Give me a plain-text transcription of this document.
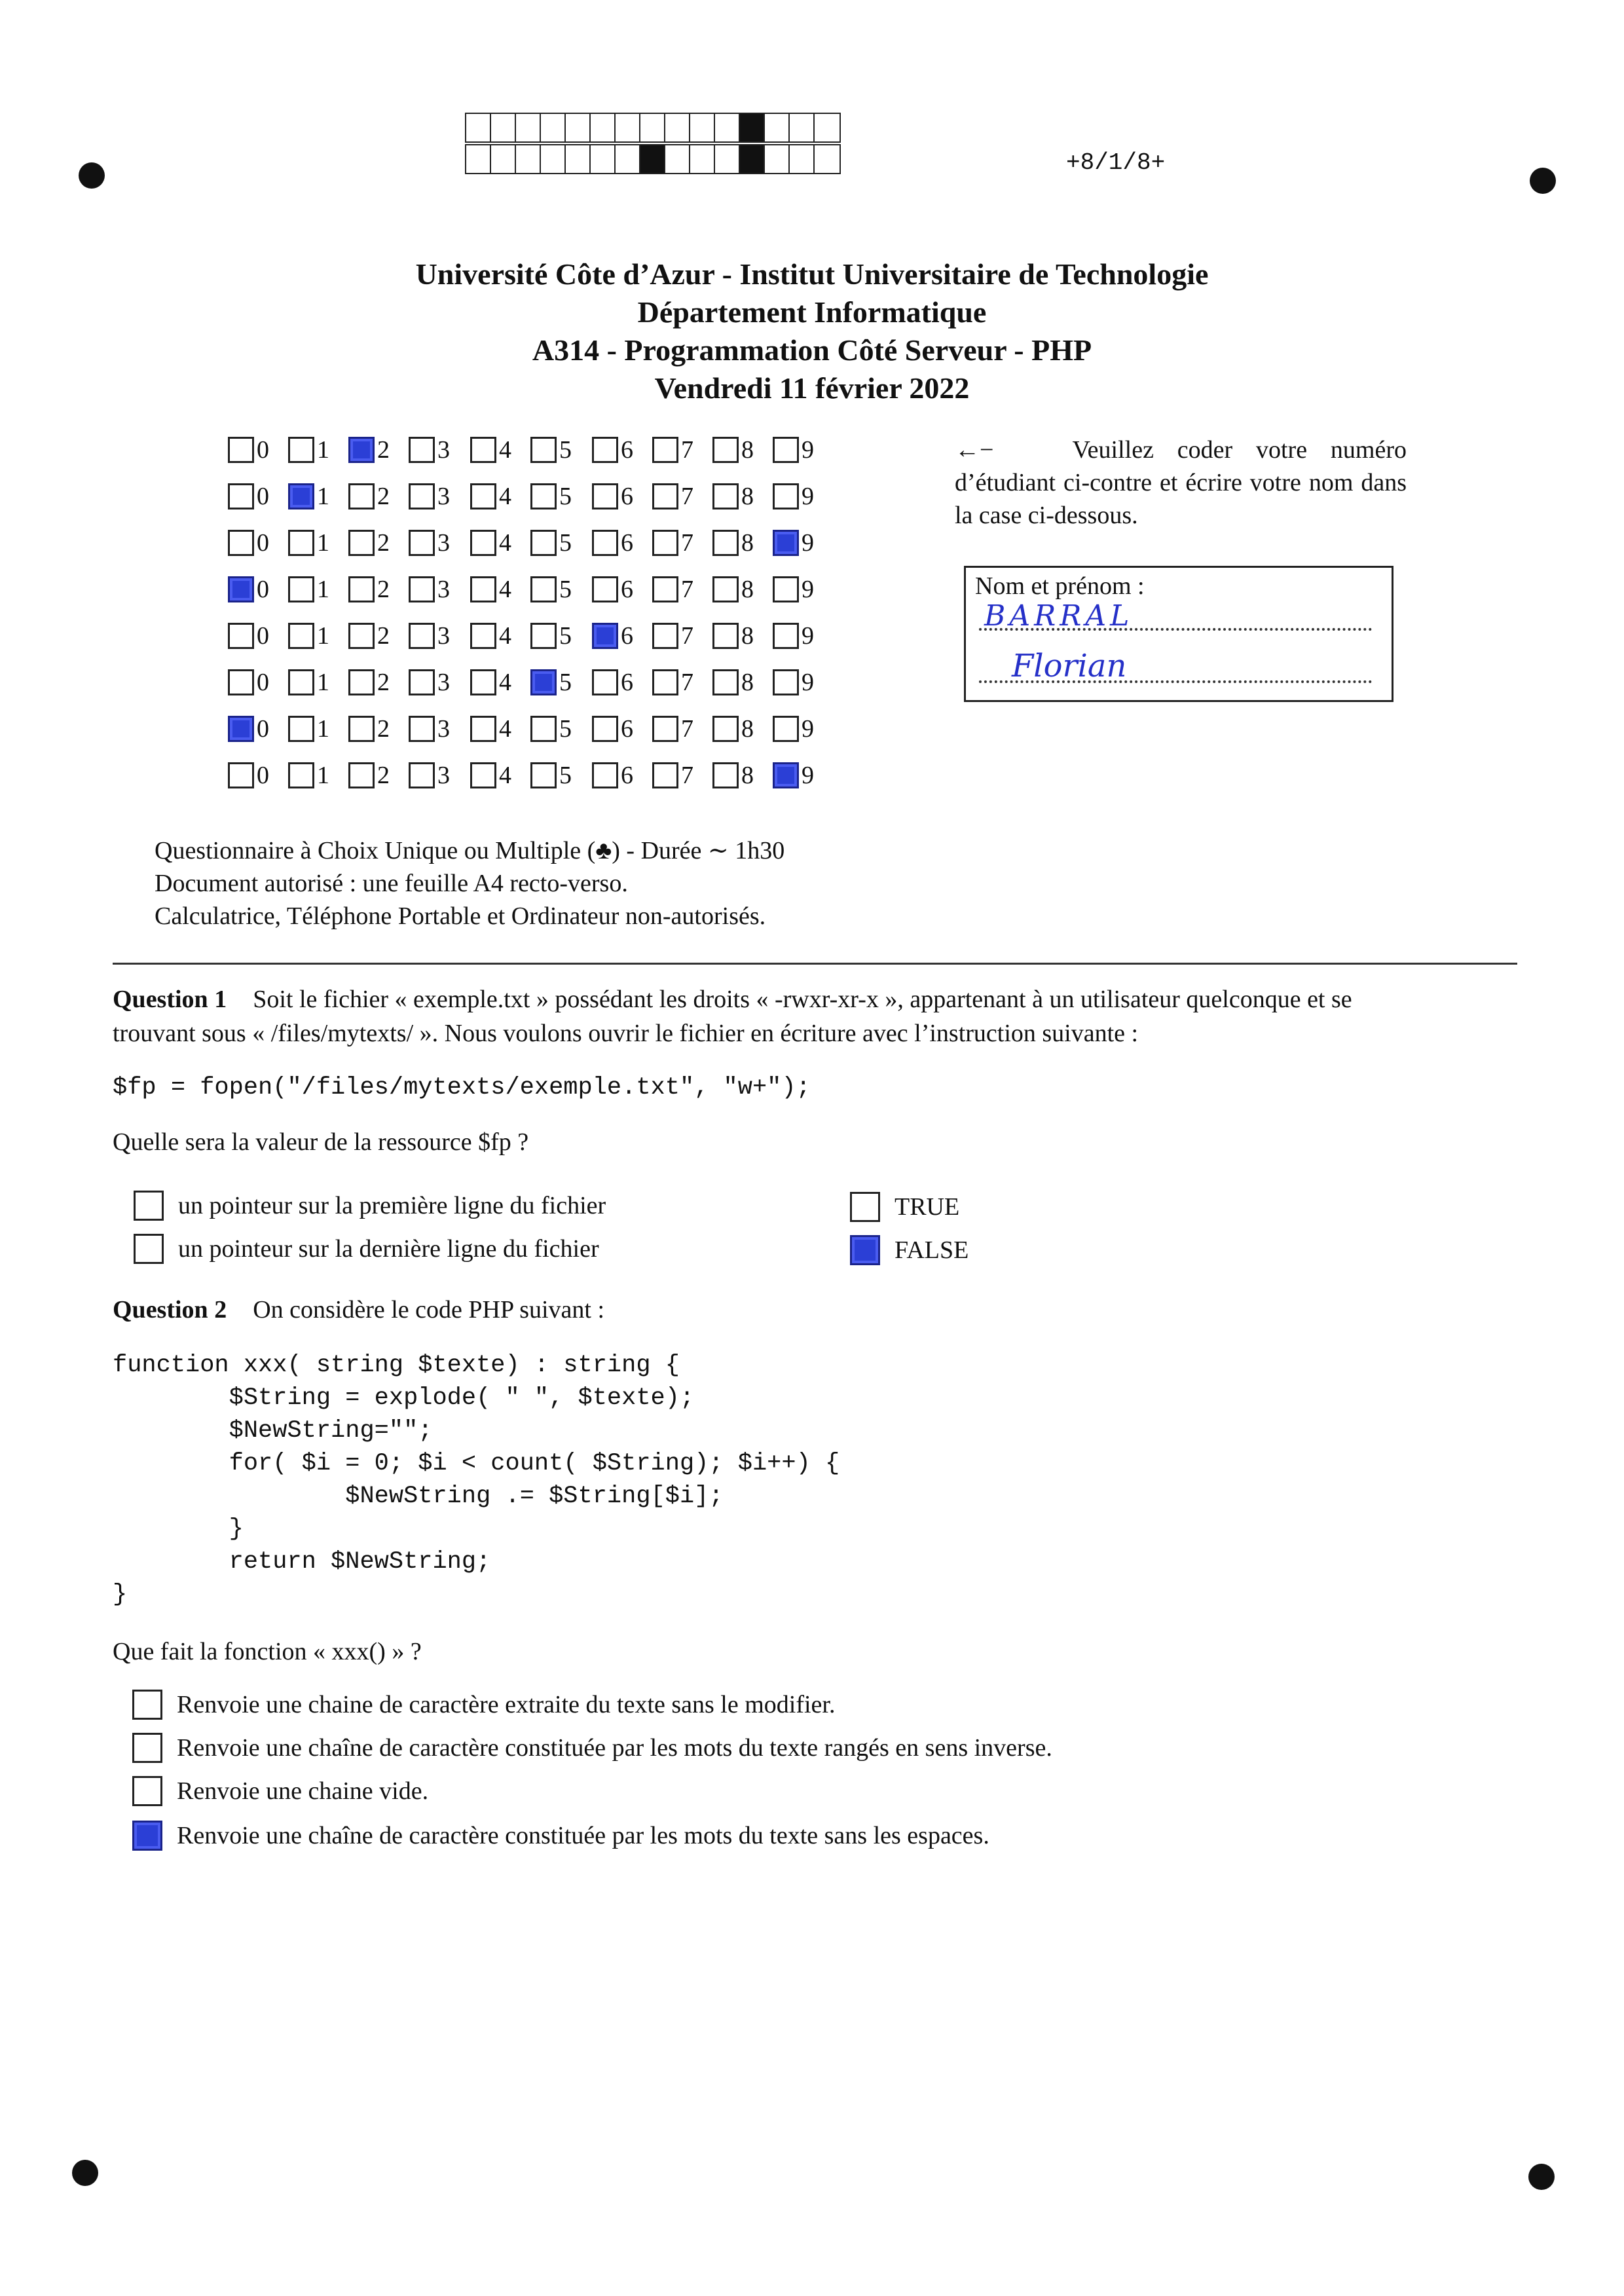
+8/1/8+
Université Côte d’Azur - Institut Universitaire de Technologie
Département Informatique
A314 - Programmation Côté Serveur - PHP
Vendredi 11 février 2022
0 1 2 3 4 5 6 7 8 9
0 1 2 3 4 5 6 7 8 9
0 1 2 3 4 5 6 7 8 9
0 1 2 3 4 5 6 7 8 9
0 1 2 3 4 5 6 7 8 9
0 1 2 3 4 5 6 7 8 9
0 1 2 3 4 5 6 7 8 9
0 1 2 3 4 5 6 7 8 9
←−	Veuillez coder votre numéro d’étudiant ci-contre et écrire votre nom dans la case ci-dessous.
Nom et prénom :
BARRAL
Florian
Questionnaire à Choix Unique ou Multiple (♣) - Durée ∼ 1h30
Document autorisé : une feuille A4 recto-verso.
Calculatrice, Téléphone Portable et Ordinateur non-autorisés.
Question 1 Soit le fichier « exemple.txt » possédant les droits « -rwxr-xr-x », appartenant à un utilisateur quelconque et se
trouvant sous « /files/mytexts/ ». Nous voulons ouvrir le fichier en écriture avec l’instruction suivante :
$fp = fopen("/files/mytexts/exemple.txt", "w+");
Quelle sera la valeur de la ressource $fp ?
un pointeur sur la première ligne du fichier
un pointeur sur la dernière ligne du fichier
TRUE
FALSE
Question 2 On considère le code PHP suivant :
function xxx( string $texte) : string {
$String = explode( " ", $texte);
$NewString="";
for( $i = 0; $i < count( $String); $i++) {
$NewString .= $String[$i];
}
return $NewString;
}
Que fait la fonction « xxx() » ?
Renvoie une chaine de caractère extraite du texte sans le modifier.
Renvoie une chaîne de caractère constituée par les mots du texte rangés en sens inverse.
Renvoie une chaine vide.
Renvoie une chaîne de caractère constituée par les mots du texte sans les espaces.
